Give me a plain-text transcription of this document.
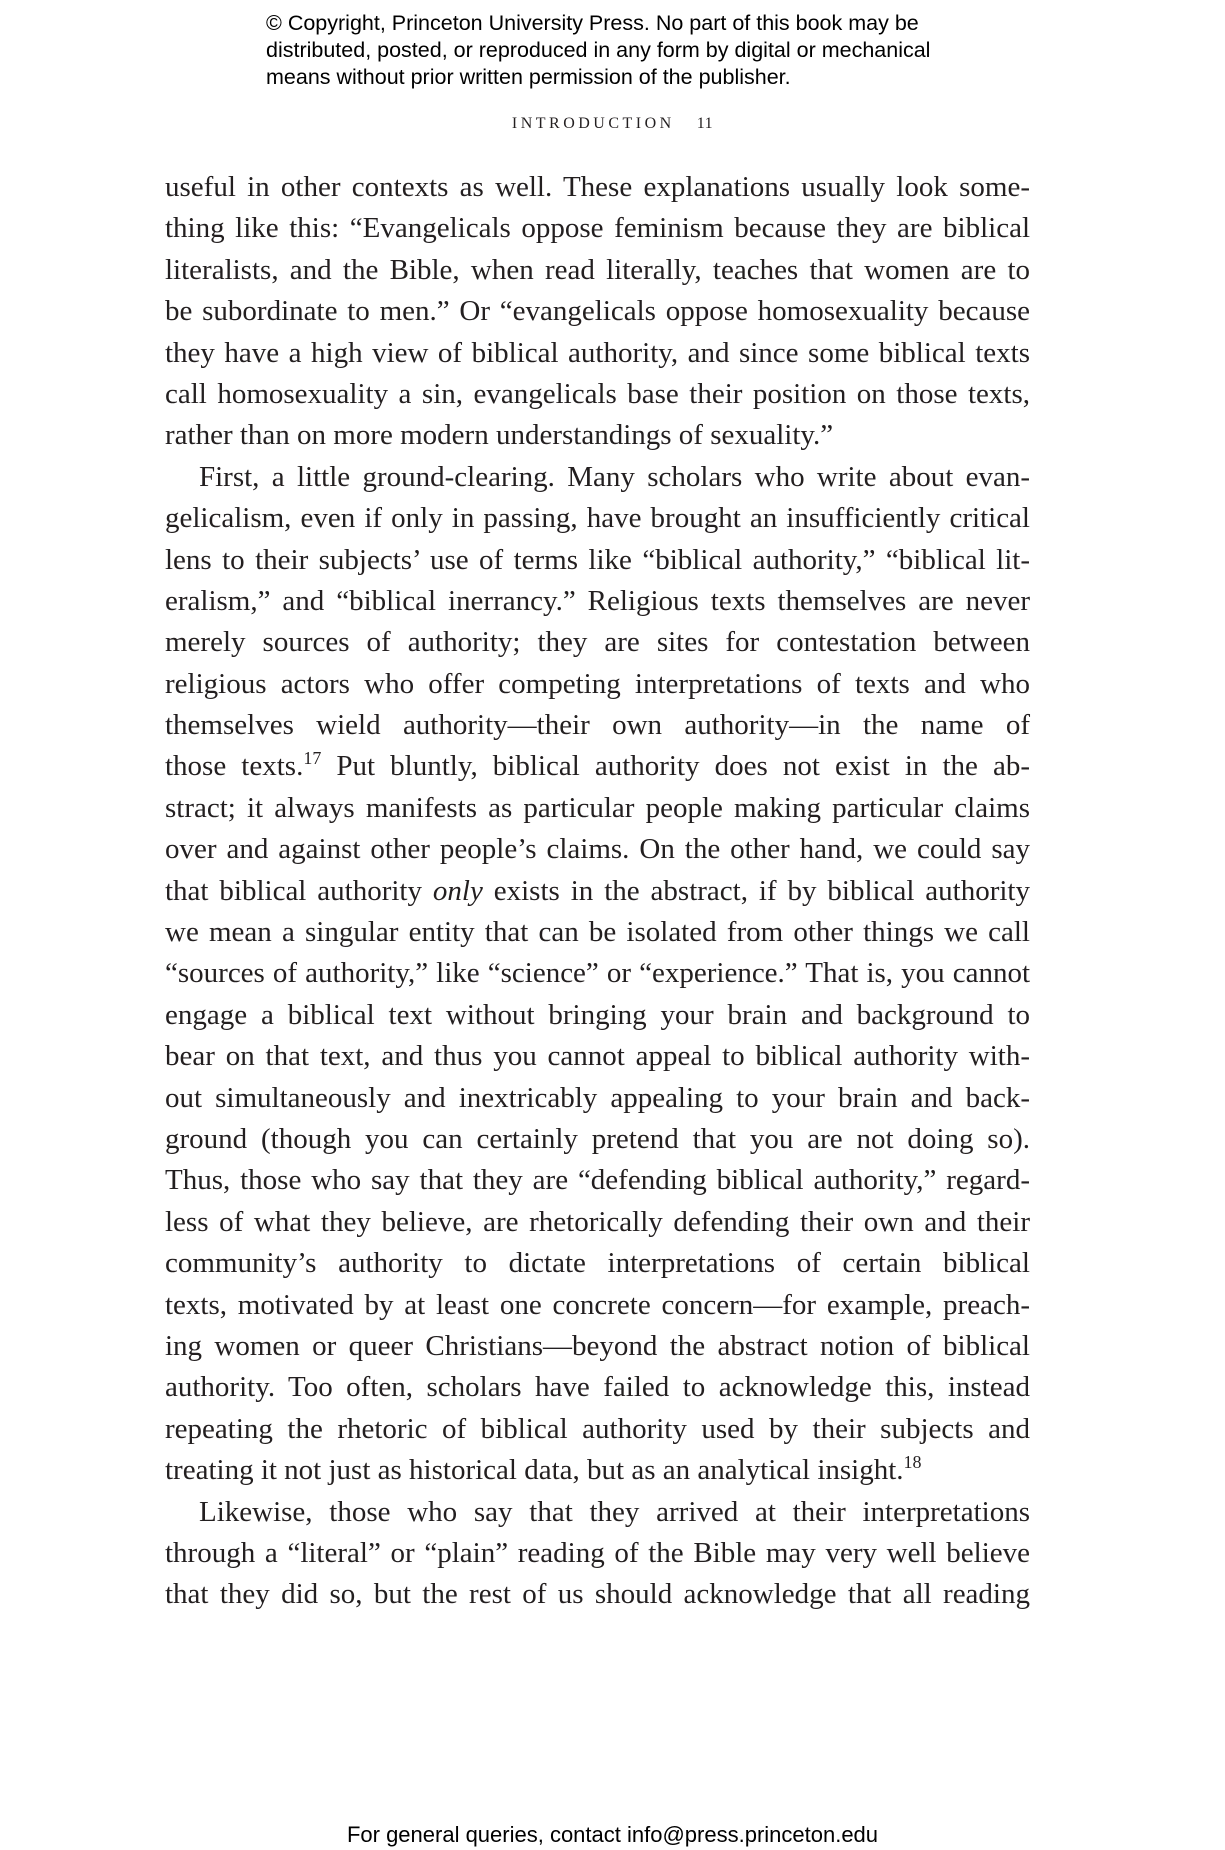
© Copyright, Princeton University Press. No part of this book may be
distributed, posted, or reproduced in any form by digital or mechanical
means without prior written permission of the publisher.
INTRODUCTION 11
useful in other contexts as well. These explanations usually look some-
thing like this: “Evangelicals oppose feminism because they are biblical
literalists, and the Bible, when read literally, teaches that women are to
be subordinate to men.” Or “evangelicals oppose homosexuality because
they have a high view of biblical authority, and since some biblical texts
call homosexuality a sin, evangelicals base their position on those texts,
rather than on more modern understandings of sexuality.”
First, a little ground-clearing. Many scholars who write about evan-
gelicalism, even if only in passing, have brought an insufficiently critical
lens to their subjects’ use of terms like “biblical authority,” “biblical lit-
eralism,” and “biblical inerrancy.” Religious texts themselves are never
merely sources of authority; they are sites for contestation between
religious actors who offer competing interpretations of texts and who
themselves wield authority—their own authority—in the name of
those texts.$^{17}$ Put bluntly, biblical authority does not exist in the ab-
stract; it always manifests as particular people making particular claims
over and against other people’s claims. On the other hand, we could say
that biblical authority only exists in the abstract, if by biblical authority
we mean a singular entity that can be isolated from other things we call
“sources of authority,” like “science” or “experience.” That is, you cannot
engage a biblical text without bringing your brain and background to
bear on that text, and thus you cannot appeal to biblical authority with-
out simultaneously and inextricably appealing to your brain and back-
ground (though you can certainly pretend that you are not doing so).
Thus, those who say that they are “defending biblical authority,” regard-
less of what they believe, are rhetorically defending their own and their
community’s authority to dictate interpretations of certain biblical
texts, motivated by at least one concrete concern—for example, preach-
ing women or queer Christians—beyond the abstract notion of biblical
authority. Too often, scholars have failed to acknowledge this, instead
repeating the rhetoric of biblical authority used by their subjects and
treating it not just as historical data, but as an analytical insight.$^{18}$
Likewise, those who say that they arrived at their interpretations
through a “literal” or “plain” reading of the Bible may very well believe
that they did so, but the rest of us should acknowledge that all reading
For general queries, contact info@press.princeton.edu
